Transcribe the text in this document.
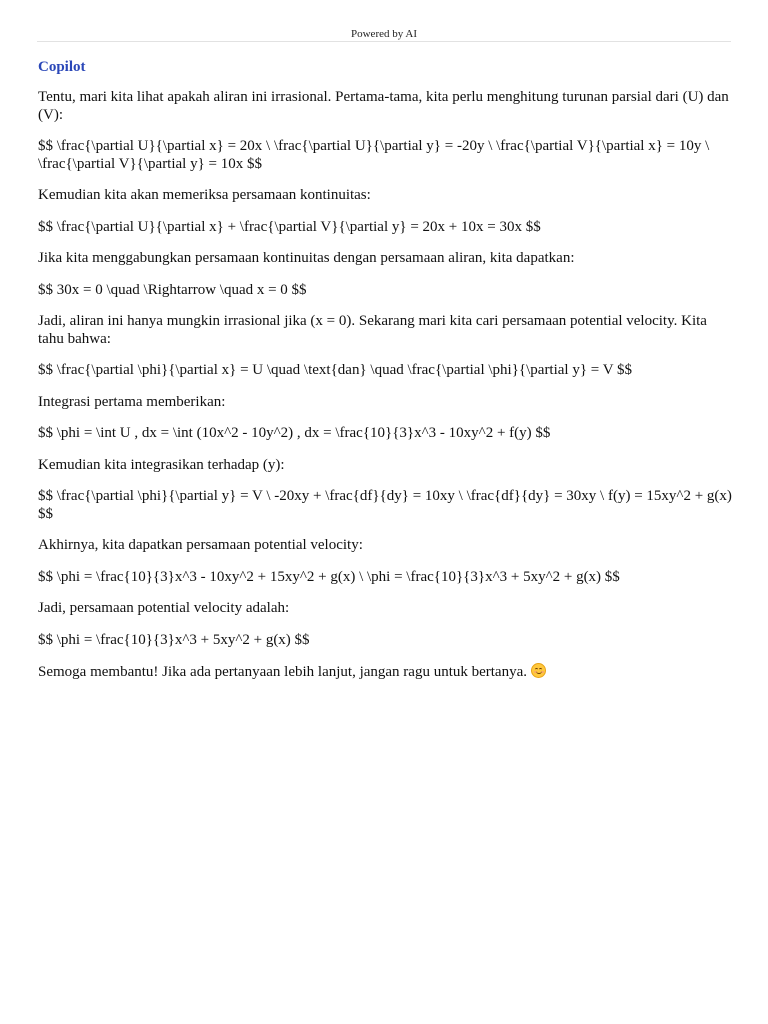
Powered by AI
Copilot
Tentu, mari kita lihat apakah aliran ini irrasional. Pertama-tama, kita perlu menghitung turunan parsial dari (U) dan (V):
$$ \frac{\partial U}{\partial x} = 20x \ \frac{\partial U}{\partial y} = -20y \ \frac{\partial V}{\partial x} = 10y \ \frac{\partial V}{\partial y} = 10x $$
Kemudian kita akan memeriksa persamaan kontinuitas:
$$ \frac{\partial U}{\partial x} + \frac{\partial V}{\partial y} = 20x + 10x = 30x $$
Jika kita menggabungkan persamaan kontinuitas dengan persamaan aliran, kita dapatkan:
$$ 30x = 0 \quad \Rightarrow \quad x = 0 $$
Jadi, aliran ini hanya mungkin irrasional jika (x = 0). Sekarang mari kita cari persamaan potential velocity. Kita tahu bahwa:
$$ \frac{\partial \phi}{\partial x} = U \quad \text{dan} \quad \frac{\partial \phi}{\partial y} = V $$
Integrasi pertama memberikan:
$$ \phi = \int U , dx = \int (10x^2 - 10y^2) , dx = \frac{10}{3}x^3 - 10xy^2 + f(y) $$
Kemudian kita integrasikan terhadap (y):
$$ \frac{\partial \phi}{\partial y} = V \ -20xy + \frac{df}{dy} = 10xy \ \frac{df}{dy} = 30xy \ f(y) = 15xy^2 + g(x) $$
Akhirnya, kita dapatkan persamaan potential velocity:
$$ \phi = \frac{10}{3}x^3 - 10xy^2 + 15xy^2 + g(x) \ \phi = \frac{10}{3}x^3 + 5xy^2 + g(x) $$
Jadi, persamaan potential velocity adalah:
$$ \phi = \frac{10}{3}x^3 + 5xy^2 + g(x) $$
Semoga membantu! Jika ada pertanyaan lebih lanjut, jangan ragu untuk bertanya.
